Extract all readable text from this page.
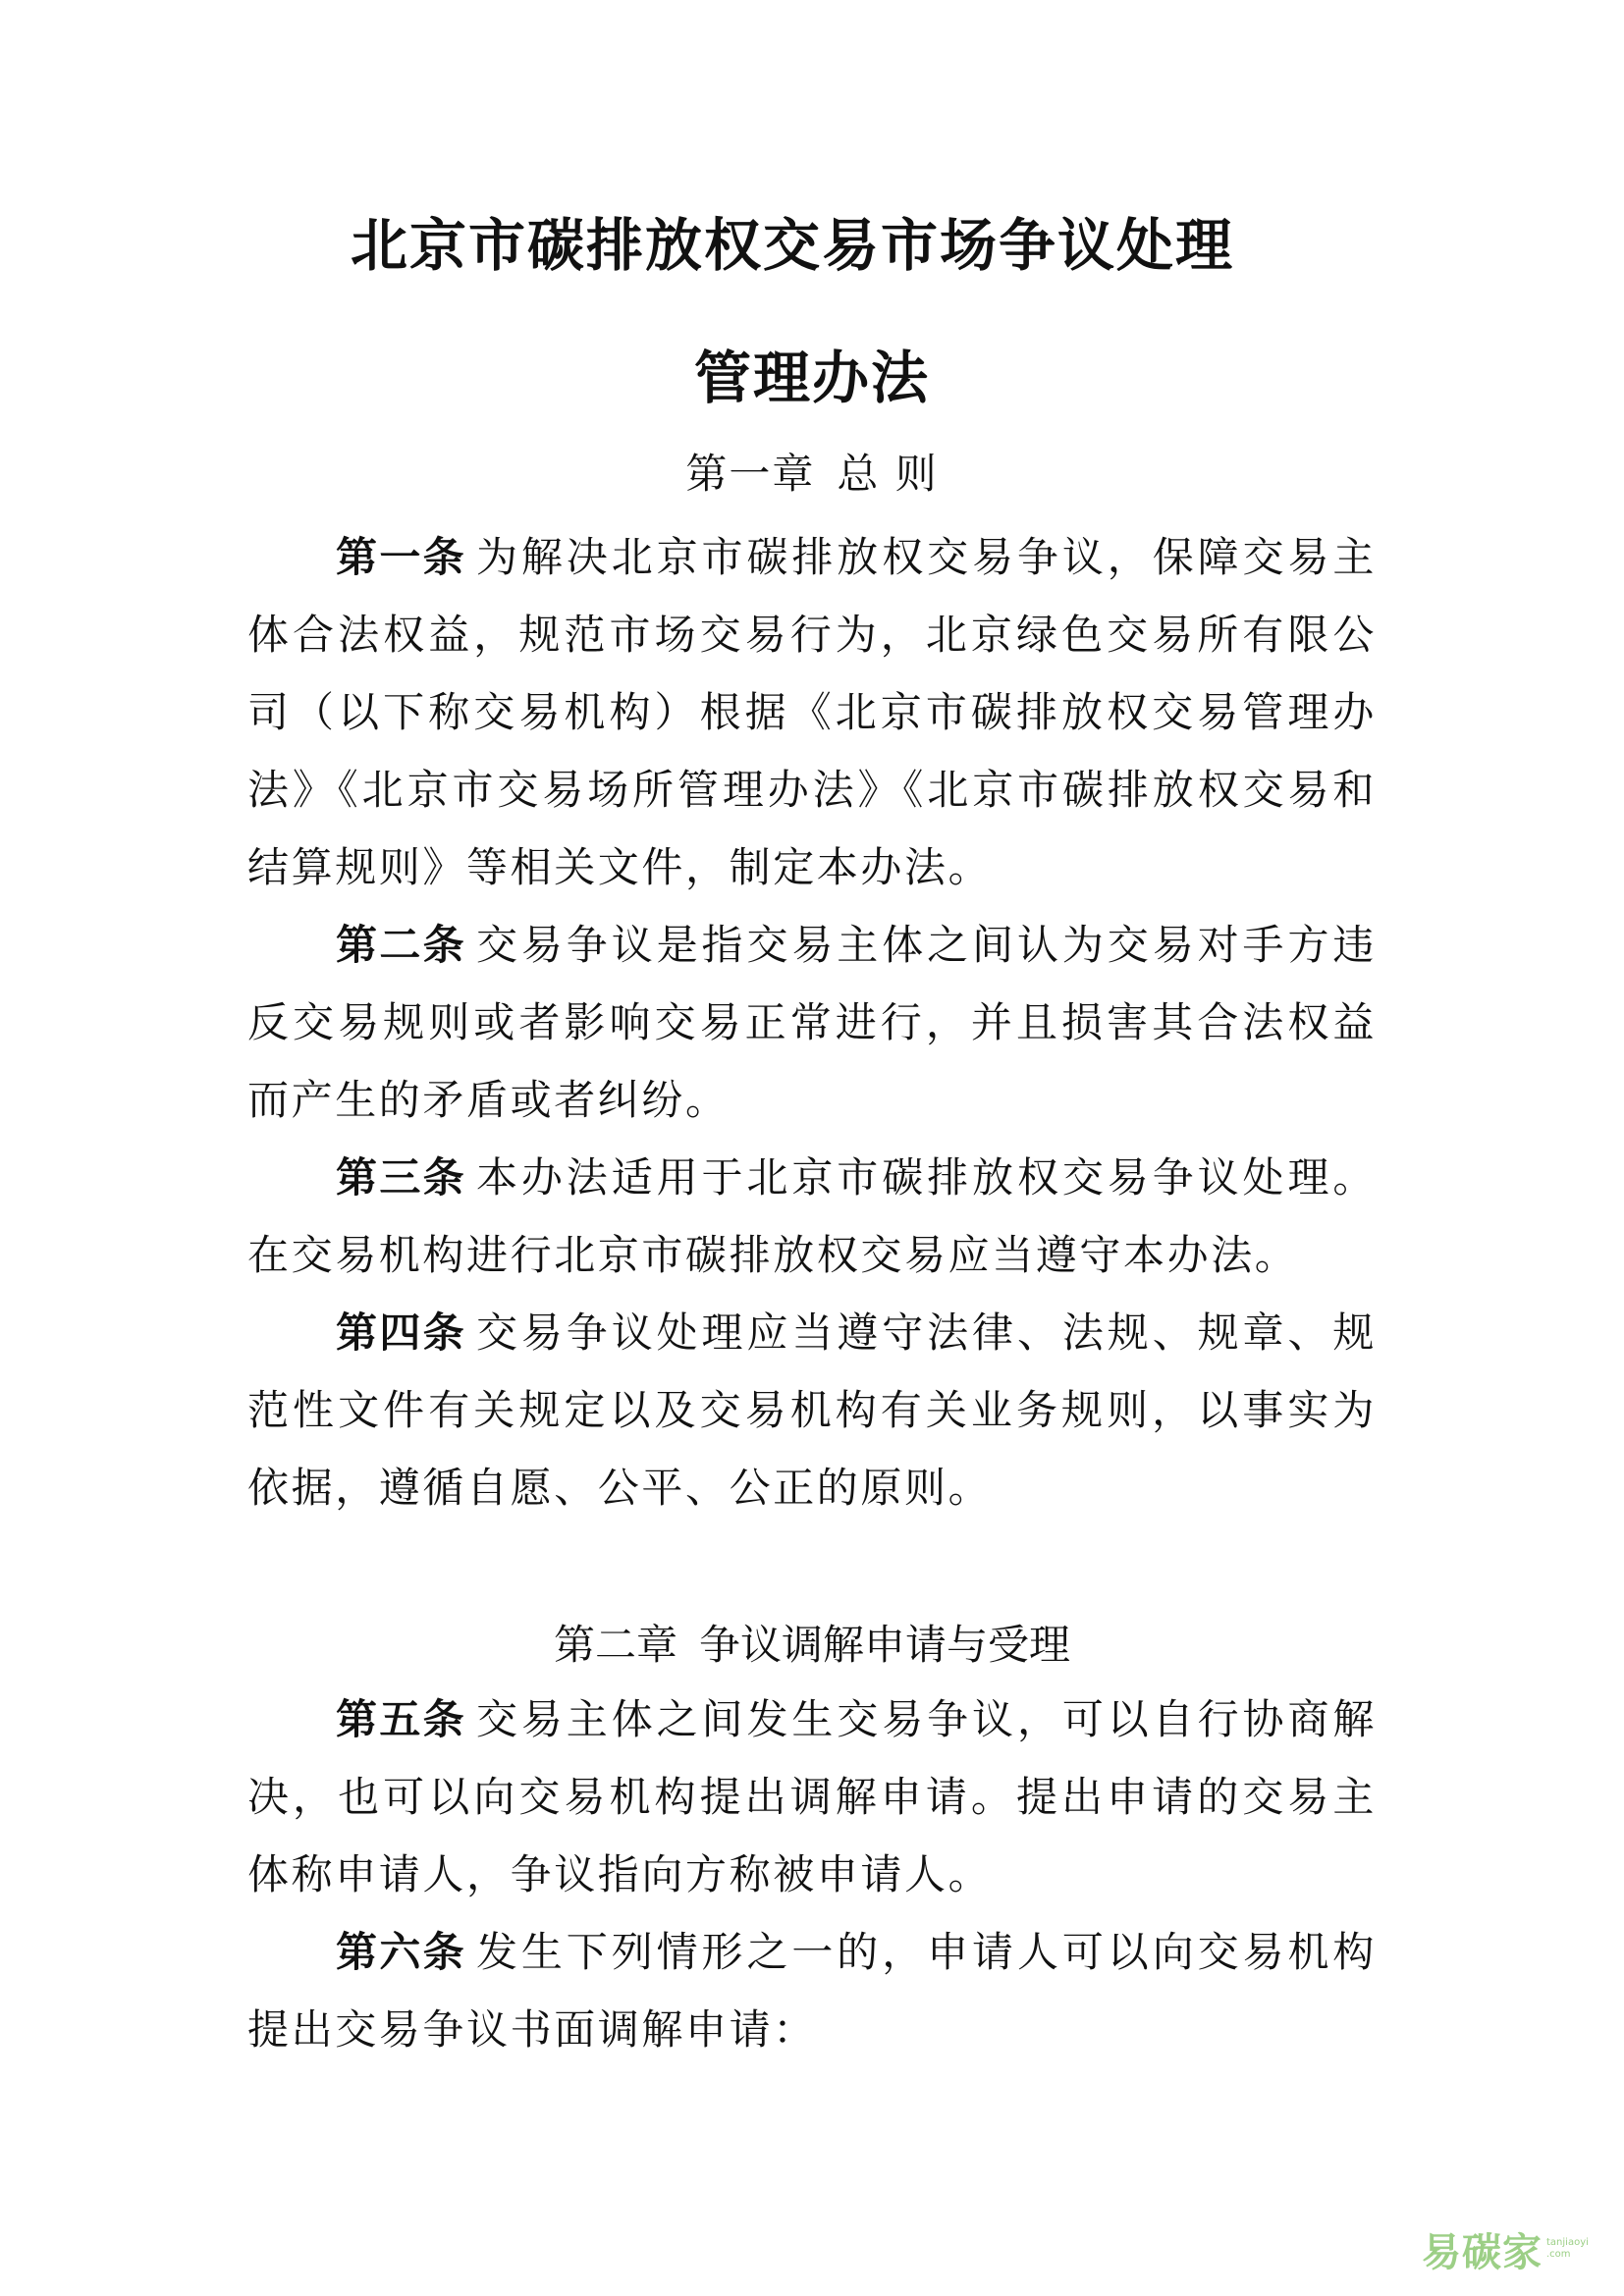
北京市碳排放权交易市场争议处理
管理办法
第一章 总 则

第一条 为解决北京市碳排放权交易争议，保障交易主体合法权益，规范市场交易行为，北京绿色交易所有限公司（以下称交易机构）根据《北京市碳排放权交易管理办法》《北京市交易场所管理办法》《北京市碳排放权交易和结算规则》等相关文件，制定本办法。

第二条 交易争议是指交易主体之间认为交易对手方违反交易规则或者影响交易正常进行，并且损害其合法权益而产生的矛盾或者纠纷。

第三条 本办法适用于北京市碳排放权交易争议处理。在交易机构进行北京市碳排放权交易应当遵守本办法。

第四条 交易争议处理应当遵守法律、法规、规章、规范性文件有关规定以及交易机构有关业务规则，以事实为依据，遵循自愿、公平、公正的原则。

第二章 争议调解申请与受理

第五条 交易主体之间发生交易争议，可以自行协商解决，也可以向交易机构提出调解申请。提出申请的交易主体称申请人，争议指向方称被申请人。

第六条 发生下列情形之一的，申请人可以向交易机构提出交易争议书面调解申请：

易碳家 tanjiaoyi
.com
